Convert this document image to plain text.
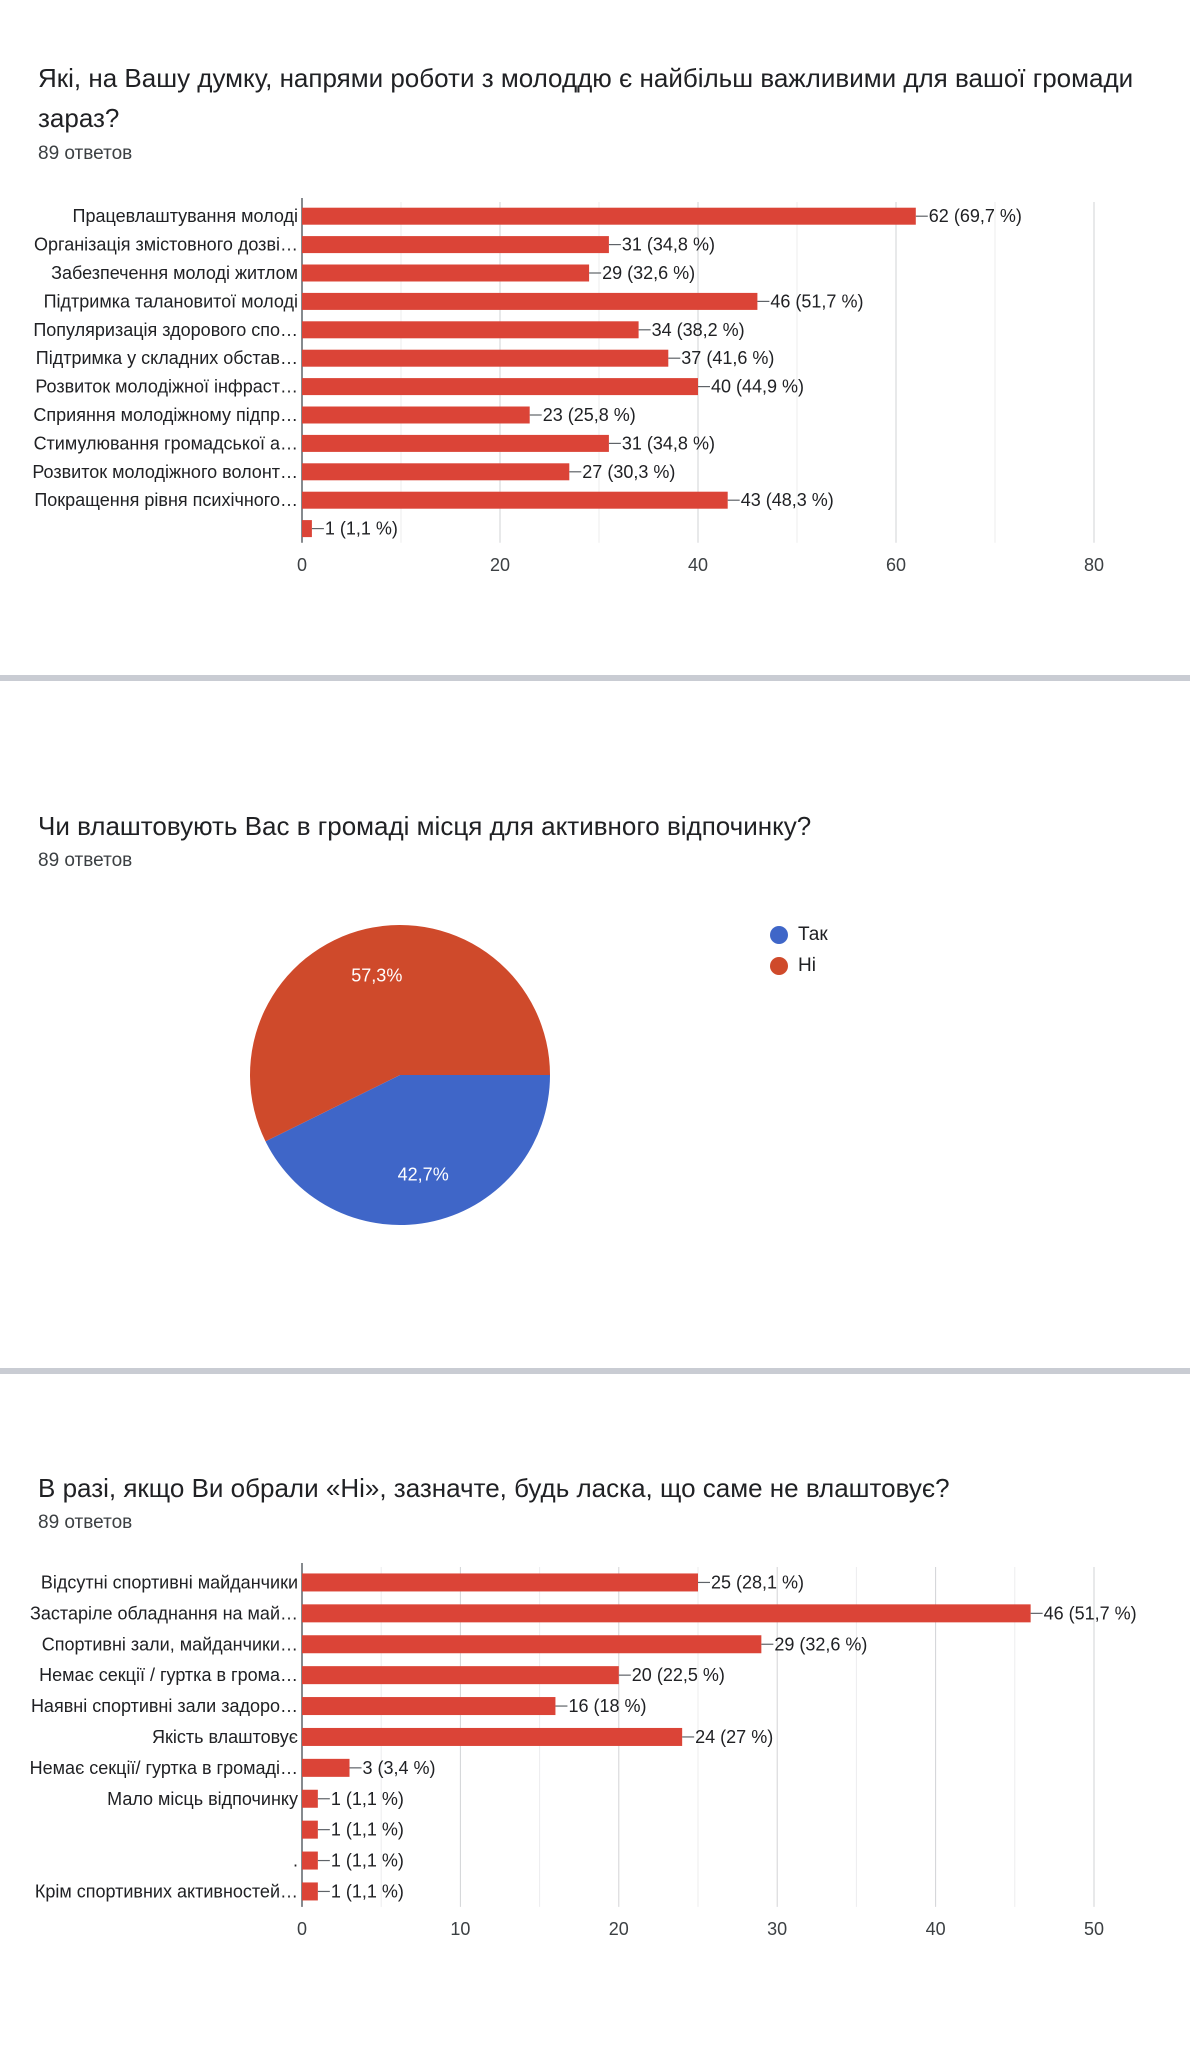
Які, на Вашу думку, напрями роботи з молоддю є найбільш важливими для вашої громади зараз?
89 ответов
0	20	40	60	80
Працевлаштування молоді	62 (69,7 %)
Організація змістовного дозві…	31 (34,8 %)
Забезпечення молоді житлом	29 (32,6 %)
Підтримка талановитої молоді	46 (51,7 %)
Популяризація здорового спо…	34 (38,2 %)
Підтримка у складних обстав…	37 (41,6 %)
Розвиток молодіжної інфраст…	40 (44,9 %)
Сприяння молодіжному підпр…	23 (25,8 %)
Стимулювання громадської а…	31 (34,8 %)
Розвиток молодіжного волонт…	27 (30,3 %)
Покращення рівня психічного…	43 (48,3 %)
1 (1,1 %)
Чи влаштовують Вас в громаді місця для активного відпочинку?
89 ответов
42,7%
57,3%
Так
Ні
В разі, якщо Ви обрали «Ні», зазначте, будь ласка, що саме не влаштовує?
89 ответов
0	10	20	30	40	50
Відсутні спортивні майданчики	25 (28,1 %)
Застаріле обладнання на май…	46 (51,7 %)
Спортивні зали, майданчики…	29 (32,6 %)
Немає секції / гуртка в грома…	20 (22,5 %)
Наявні спортивні зали задоро…	16 (18 %)
Якість влаштовує	24 (27 %)
Немає секції/ гуртка в громаді…	3 (3,4 %)
Мало місць відпочинку 1 (1,1 %)
1 (1,1 %)
. 1 (1,1 %)
Крім спортивних активностей… 1 (1,1 %)
